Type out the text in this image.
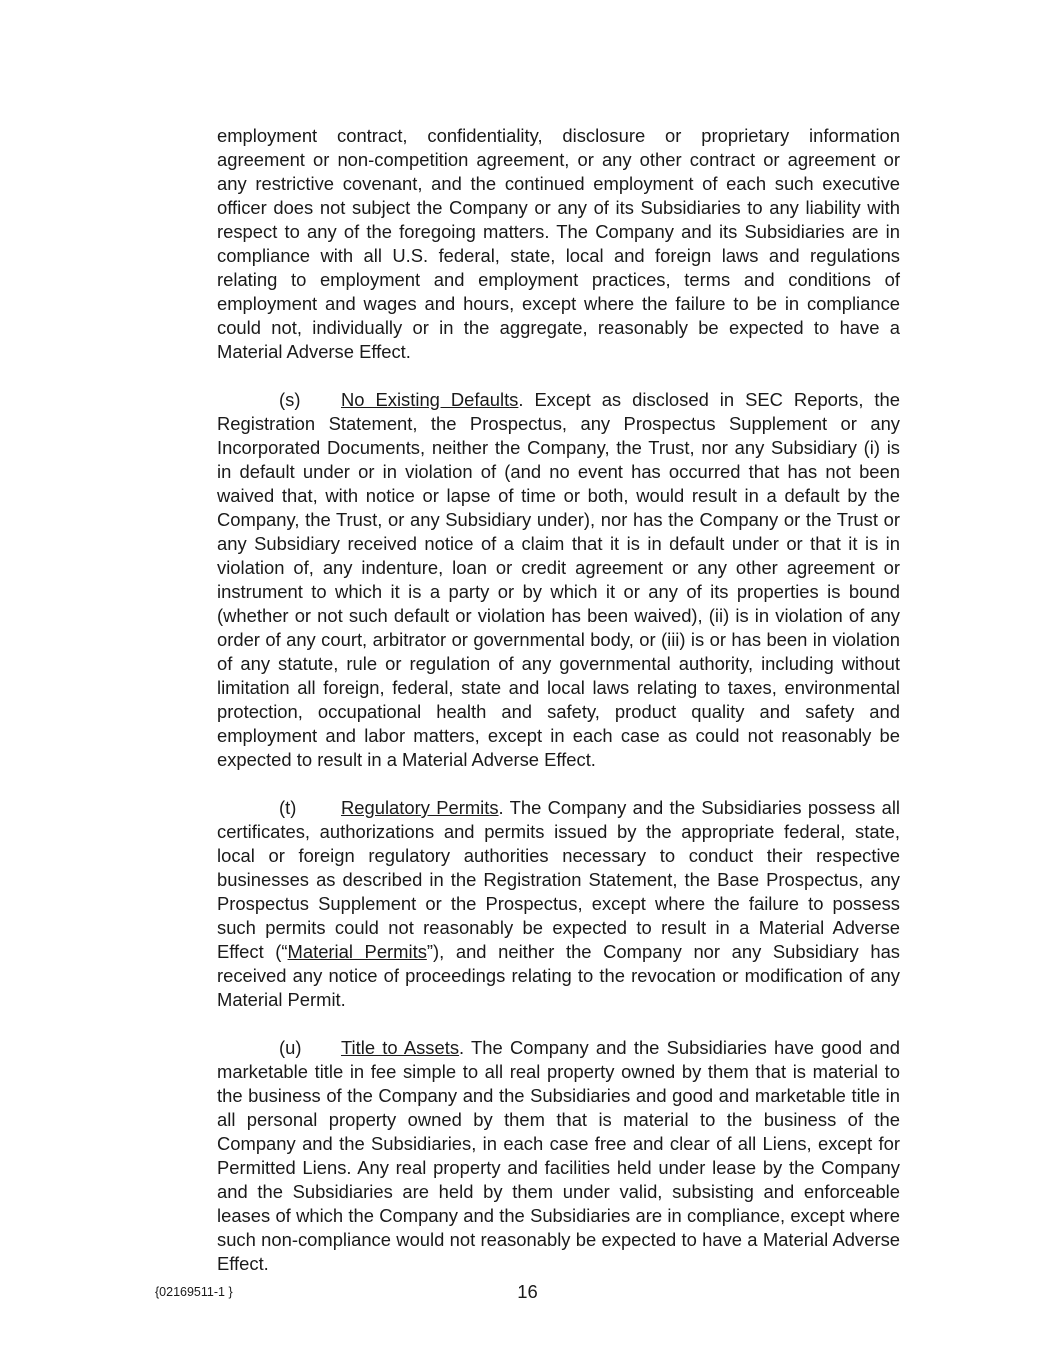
employment contract, confidentiality, disclosure or proprietary information agreement or non-competition agreement, or any other contract or agreement or any restrictive covenant, and the continued employment of each such executive officer does not subject the Company or any of its Subsidiaries to any liability with respect to any of the foregoing matters. The Company and its Subsidiaries are in compliance with all U.S. federal, state, local and foreign laws and regulations relating to employment and employment practices, terms and conditions of employment and wages and hours, except where the failure to be in compliance could not, individually or in the aggregate, reasonably be expected to have a Material Adverse Effect.

(s) No Existing Defaults. Except as disclosed in SEC Reports, the Registration Statement, the Prospectus, any Prospectus Supplement or any Incorporated Documents, neither the Company, the Trust, nor any Subsidiary (i) is in default under or in violation of (and no event has occurred that has not been waived that, with notice or lapse of time or both, would result in a default by the Company, the Trust, or any Subsidiary under), nor has the Company or the Trust or any Subsidiary received notice of a claim that it is in default under or that it is in violation of, any indenture, loan or credit agreement or any other agreement or instrument to which it is a party or by which it or any of its properties is bound (whether or not such default or violation has been waived), (ii) is in violation of any order of any court, arbitrator or governmental body, or (iii) is or has been in violation of any statute, rule or regulation of any governmental authority, including without limitation all foreign, federal, state and local laws relating to taxes, environmental protection, occupational health and safety, product quality and safety and employment and labor matters, except in each case as could not reasonably be expected to result in a Material Adverse Effect.

(t) Regulatory Permits. The Company and the Subsidiaries possess all certificates, authorizations and permits issued by the appropriate federal, state, local or foreign regulatory authorities necessary to conduct their respective businesses as described in the Registration Statement, the Base Prospectus, any Prospectus Supplement or the Prospectus, except where the failure to possess such permits could not reasonably be expected to result in a Material Adverse Effect (“Material Permits”), and neither the Company nor any Subsidiary has received any notice of proceedings relating to the revocation or modification of any Material Permit.

(u) Title to Assets. The Company and the Subsidiaries have good and marketable title in fee simple to all real property owned by them that is material to the business of the Company and the Subsidiaries and good and marketable title in all personal property owned by them that is material to the business of the Company and the Subsidiaries, in each case free and clear of all Liens, except for Permitted Liens. Any real property and facilities held under lease by the Company and the Subsidiaries are held by them under valid, subsisting and enforceable leases of which the Company and the Subsidiaries are in compliance, except where such non-compliance would not reasonably be expected to have a Material Adverse Effect.

{02169511-1 }	16
